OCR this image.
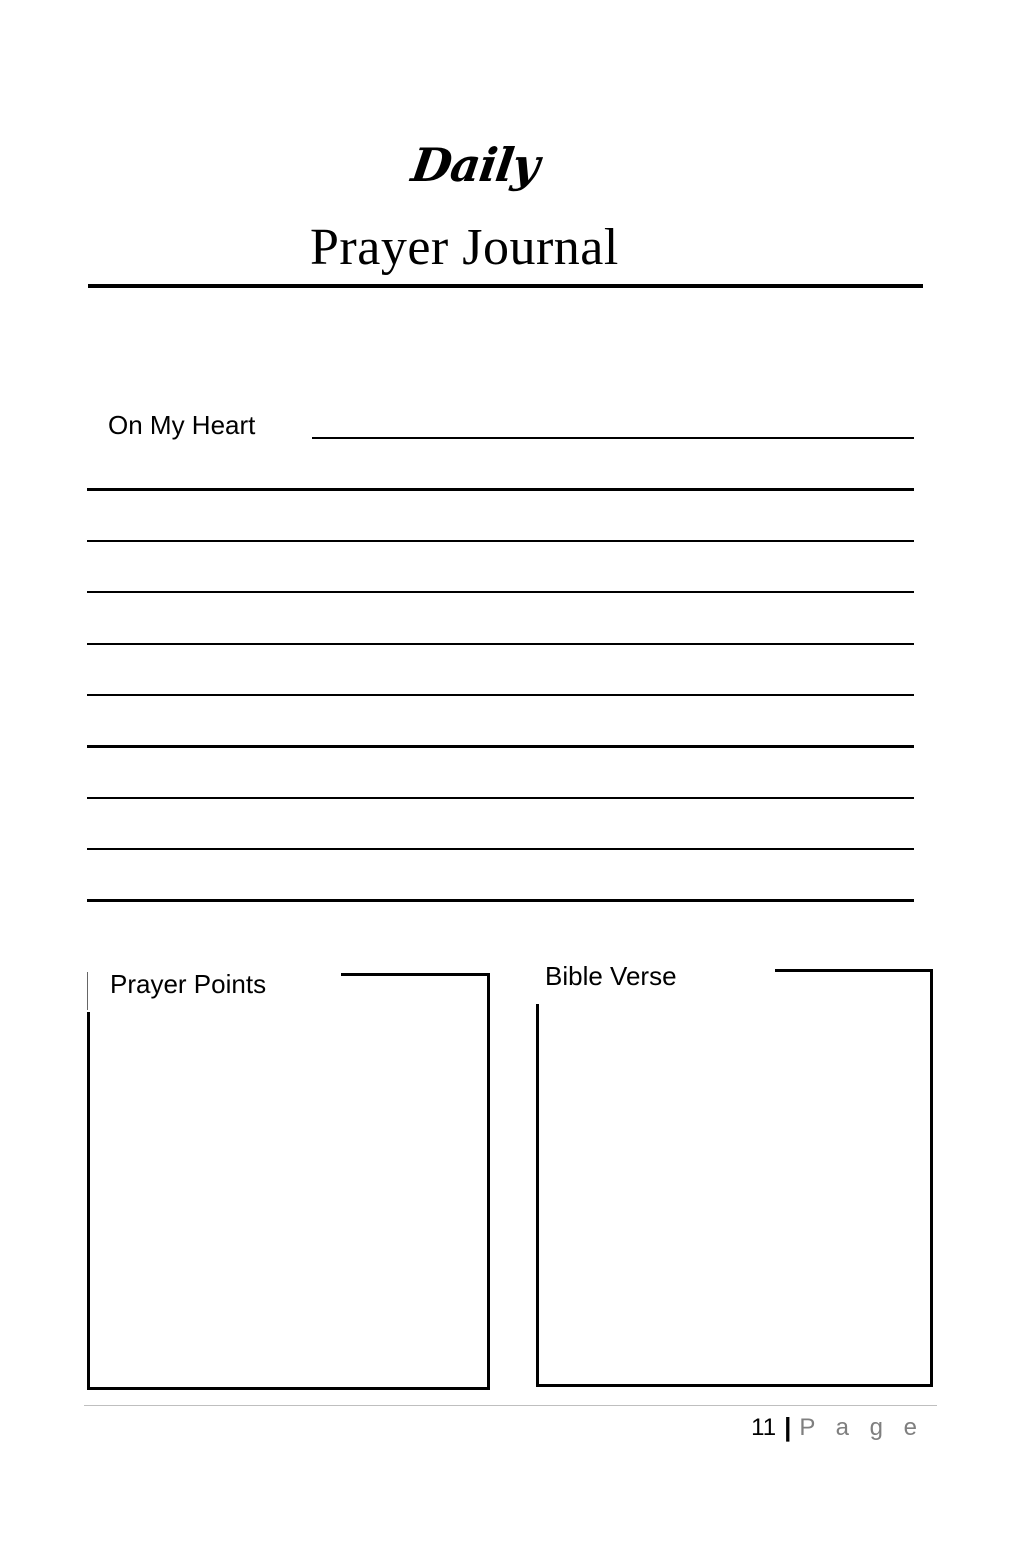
Daily
Prayer Journal
On My Heart
Prayer Points	Bible Verse
11 | P a g e
